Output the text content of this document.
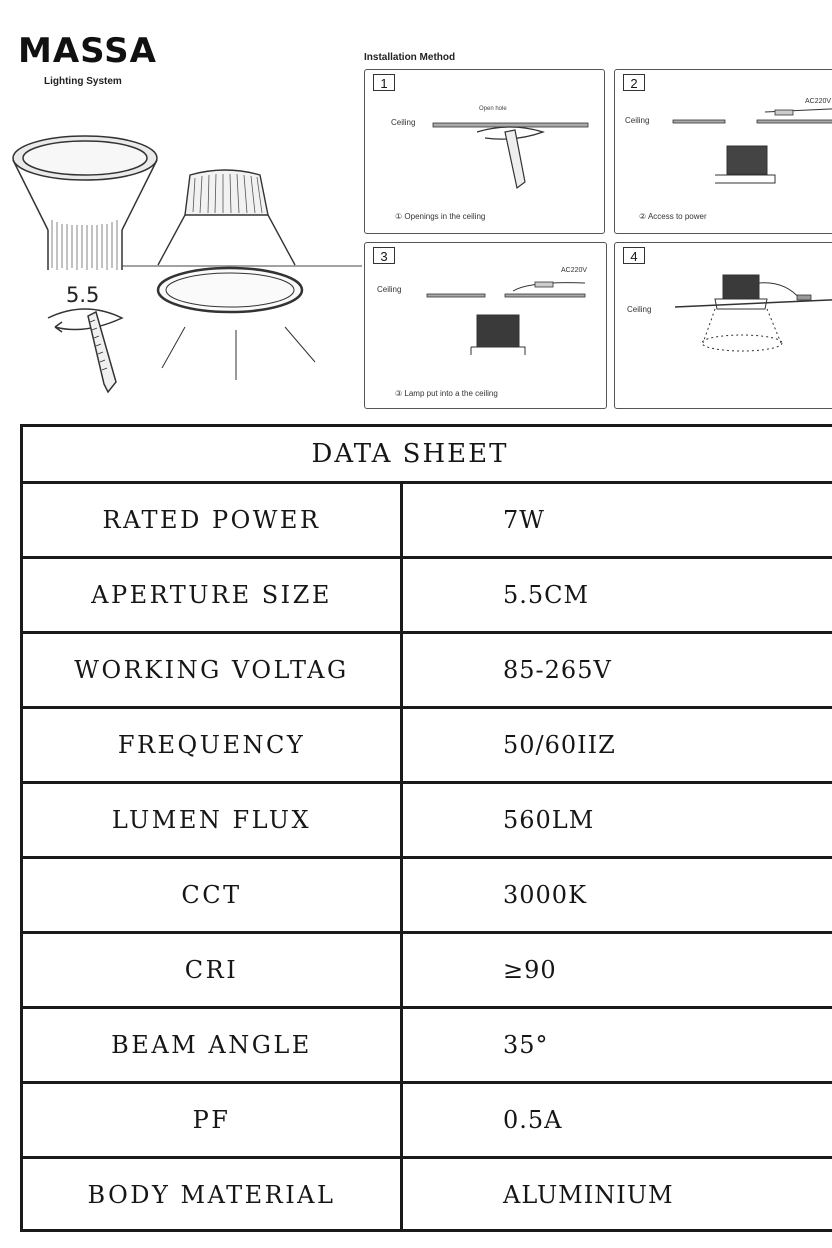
MASSA
Lighting System
5.5
Installation Method
1
Ceiling
Open hole
① Openings in the ceiling
2
Ceiling
AC220V
② Access to power
3
Ceiling
AC220V
③ Lamp put into a the ceiling
4
Ceiling
DATA SHEET
RATED POWER	7W
APERTURE SIZE	5.5CM
WORKING VOLTAG	85-265V
FREQUENCY	50/60IIZ
LUMEN FLUX	560LM
CCT	3000K
CRI	≥90
BEAM ANGLE	35°
PF	0.5A
BODY MATERIAL	ALUMINIUM
